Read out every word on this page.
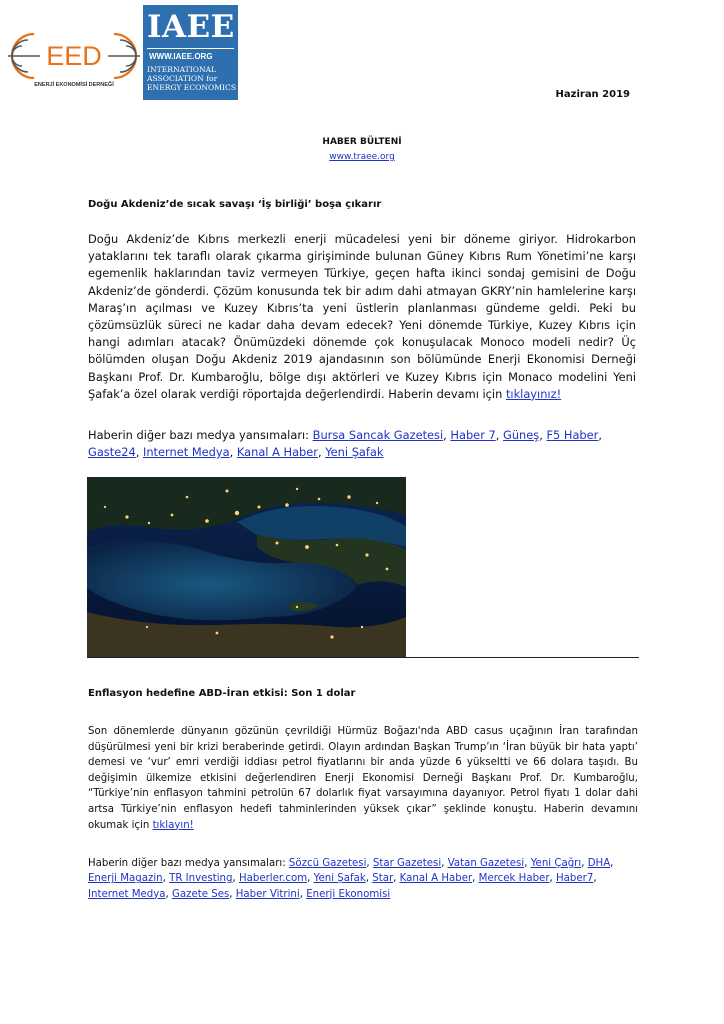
EED
ENERJİ EKONOMİSİ DERNEĞİ
IAEE
WWW.IAEE.ORG
INTERNATIONAL
ASSOCIATION for
ENERGY ECONOMICS
Haziran 2019
HABER BÜLTENİ
www.traee.org
Doğu Akdeniz’de sıcak savaşı ‘İş birliği’ boşa çıkarır
Doğu Akdeniz’de Kıbrıs merkezli enerji mücadelesi yeni bir döneme giriyor. Hidrokarbon yataklarını tek taraflı olarak çıkarma girişiminde bulunan Güney Kıbrıs Rum Yönetimi’ne karşı egemenlik haklarından taviz vermeyen Türkiye, geçen hafta ikinci sondaj gemisini de Doğu Akdeniz’de gönderdi. Çözüm konusunda tek bir adım dahi atmayan GKRY’nin hamlelerine karşı Maraş’ın açılması ve Kuzey Kıbrıs’ta yeni üstlerin planlanması gündeme geldi. Peki bu çözümsüzlük süreci ne kadar daha devam edecek? Yeni dönemde Türkiye, Kuzey Kıbrıs için hangi adımları atacak? Önümüzdeki dönemde çok konuşulacak Monoco modeli nedir? Üç bölümden oluşan Doğu Akdeniz 2019 ajandasının son bölümünde Enerji Ekonomisi Derneği Başkanı Prof. Dr. Kumbaroğlu, bölge dışı aktörleri ve Kuzey Kıbrıs için Monaco modelini Yeni Şafak’a özel olarak verdiği röportajda değerlendirdi. Haberin devamı için tıklayınız!
Haberin diğer bazı medya yansımaları: Bursa Sancak Gazetesi, Haber 7, Güneş, F5 Haber, Gaste24, Internet Medya, Kanal A Haber, Yeni Şafak
Enflasyon hedefine ABD-İran etkisi: Son 1 dolar
Son dönemlerde dünyanın gözünün çevrildiği Hürmüz Boğazı'nda ABD casus uçağının İran tarafından düşürülmesi yeni bir krizi beraberinde getirdi. Olayın ardından Başkan Trump’ın ‘İran büyük bir hata yaptı’ demesi ve ‘vur’ emri verdiği iddiası petrol fiyatlarını bir anda yüzde 6 yükseltti ve 66 dolara taşıdı. Bu değişimin ülkemize etkisini değerlendiren Enerji Ekonomisi Derneği Başkanı Prof. Dr. Kumbaroğlu, “Türkiye’nin enflasyon tahmini petrolün 67 dolarlık fiyat varsayımına dayanıyor. Petrol fiyatı 1 dolar dahi artsa Türkiye’nin enflasyon hedefi tahminlerinden yüksek çıkar” şeklinde konuştu. Haberin devamını okumak için tıklayın!
Haberin diğer bazı medya yansımaları: Sözcü Gazetesi, Star Gazetesi, Vatan Gazetesi, Yeni Çağrı, DHA, Enerji Magazin, TR Investing, Haberler.com, Yeni Şafak, Star, Kanal A Haber, Mercek Haber, Haber7, Internet Medya, Gazete Ses, Haber Vitrini, Enerji Ekonomisi
